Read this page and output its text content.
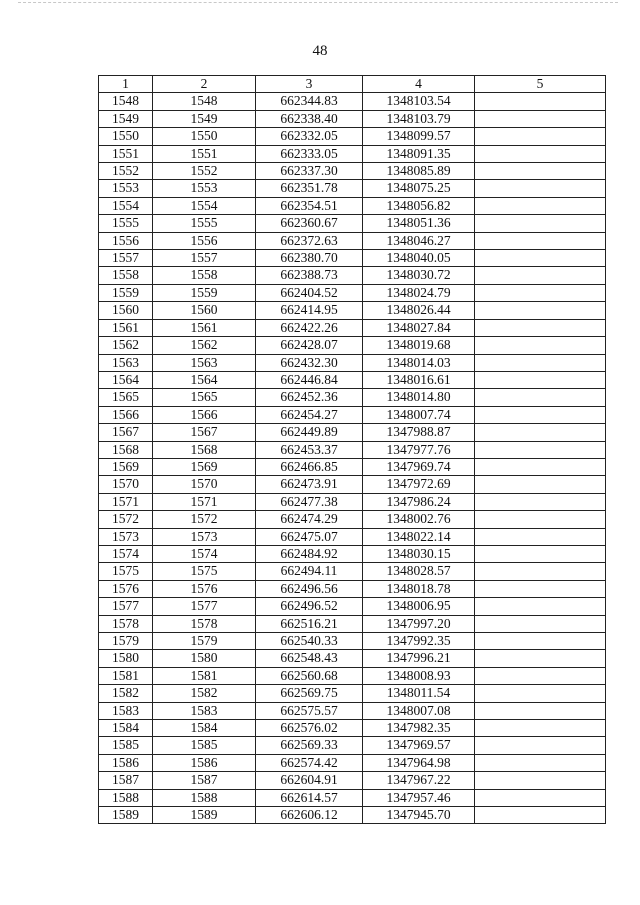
48
1	2	3	4	5
1548	1548	662344.83	1348103.54	
1549	1549	662338.40	1348103.79	
1550	1550	662332.05	1348099.57	
1551	1551	662333.05	1348091.35	
1552	1552	662337.30	1348085.89	
1553	1553	662351.78	1348075.25	
1554	1554	662354.51	1348056.82	
1555	1555	662360.67	1348051.36	
1556	1556	662372.63	1348046.27	
1557	1557	662380.70	1348040.05	
1558	1558	662388.73	1348030.72	
1559	1559	662404.52	1348024.79	
1560	1560	662414.95	1348026.44	
1561	1561	662422.26	1348027.84	
1562	1562	662428.07	1348019.68	
1563	1563	662432.30	1348014.03	
1564	1564	662446.84	1348016.61	
1565	1565	662452.36	1348014.80	
1566	1566	662454.27	1348007.74	
1567	1567	662449.89	1347988.87	
1568	1568	662453.37	1347977.76	
1569	1569	662466.85	1347969.74	
1570	1570	662473.91	1347972.69	
1571	1571	662477.38	1347986.24	
1572	1572	662474.29	1348002.76	
1573	1573	662475.07	1348022.14	
1574	1574	662484.92	1348030.15	
1575	1575	662494.11	1348028.57	
1576	1576	662496.56	1348018.78	
1577	1577	662496.52	1348006.95	
1578	1578	662516.21	1347997.20	
1579	1579	662540.33	1347992.35	
1580	1580	662548.43	1347996.21	
1581	1581	662560.68	1348008.93	
1582	1582	662569.75	1348011.54	
1583	1583	662575.57	1348007.08	
1584	1584	662576.02	1347982.35	
1585	1585	662569.33	1347969.57	
1586	1586	662574.42	1347964.98	
1587	1587	662604.91	1347967.22	
1588	1588	662614.57	1347957.46	
1589	1589	662606.12	1347945.70	
